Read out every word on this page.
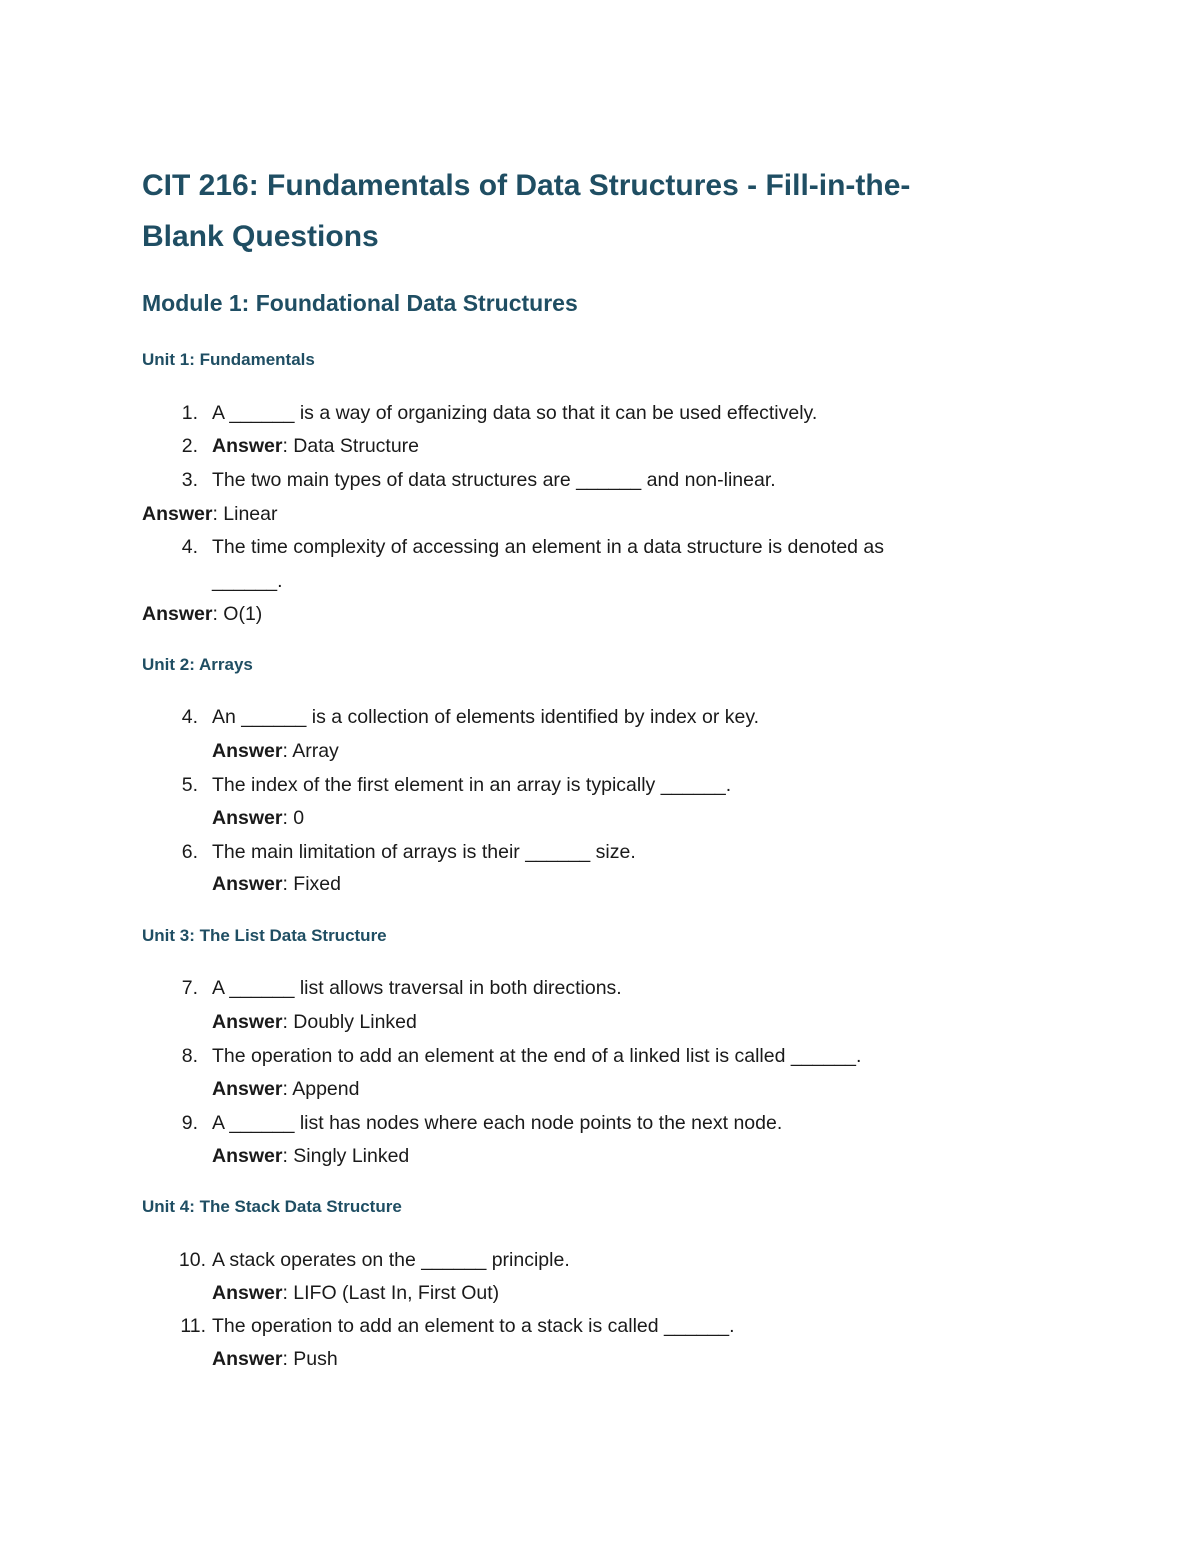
CIT 216: Fundamentals of Data Structures - Fill-in-the-
Blank Questions
Module 1: Foundational Data Structures
Unit 1: Fundamentals
1. A ______ is a way of organizing data so that it can be used effectively.
2. Answer: Data Structure
3. The two main types of data structures are ______ and non-linear.
Answer: Linear
4. The time complexity of accessing an element in a data structure is denoted as
______.
Answer: O(1)
Unit 2: Arrays
4. An ______ is a collection of elements identified by index or key.
Answer: Array
5. The index of the first element in an array is typically ______.
Answer: 0
6. The main limitation of arrays is their ______ size.
Answer: Fixed
Unit 3: The List Data Structure
7. A ______ list allows traversal in both directions.
Answer: Doubly Linked
8. The operation to add an element at the end of a linked list is called ______.
Answer: Append
9. A ______ list has nodes where each node points to the next node.
Answer: Singly Linked
Unit 4: The Stack Data Structure
10. A stack operates on the ______ principle.
Answer: LIFO (Last In, First Out)
11. The operation to add an element to a stack is called ______.
Answer: Push
